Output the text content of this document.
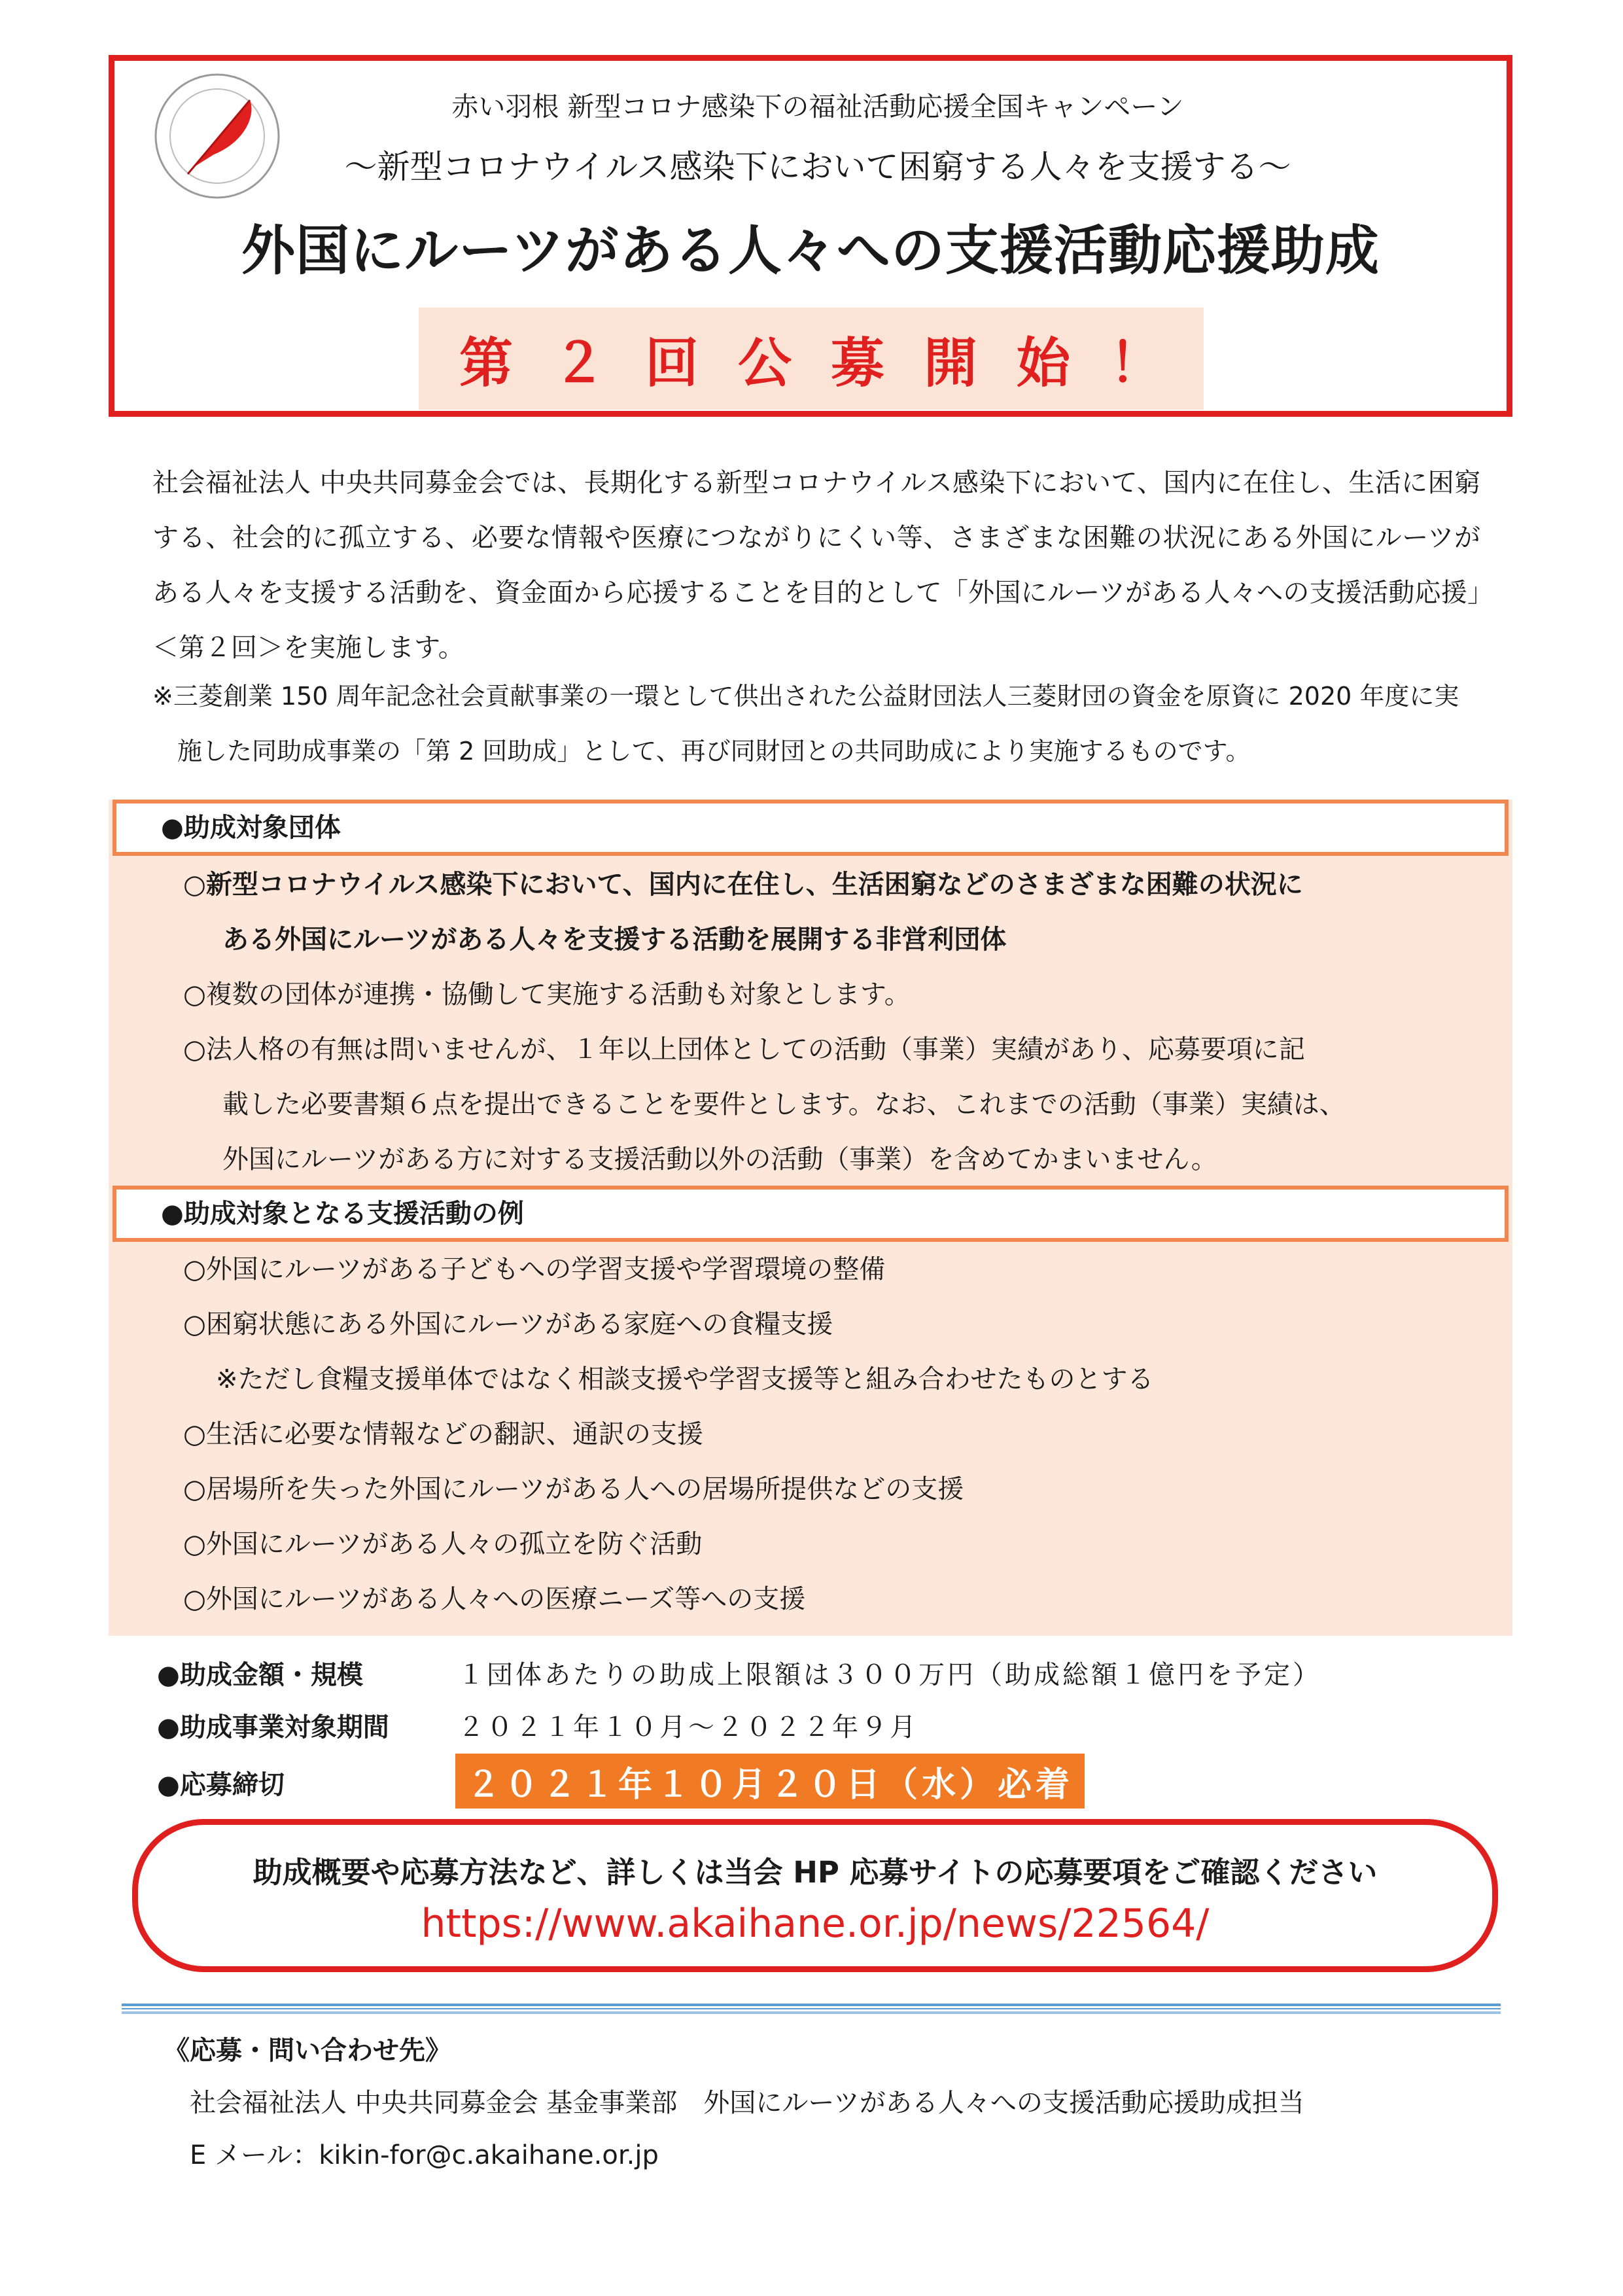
赤い羽根 新型コロナ感染下の福祉活動応援全国キャンペーン
～新型コロナウイルス感染下において困窮する人々を支援する～
外国にルーツがある人々への支援活動応援助成
第２回公募開始！
社会福祉法人 中央共同募金会では、長期化する新型コロナウイルス感染下において、国内に在住し、生活に困窮する、社会的に孤立する、必要な情報や医療につながりにくい等、さまざまな困難の状況にある外国にルーツがある人々を支援する活動を、資金面から応援することを目的として「外国にルーツがある人々への支援活動応援」＜第２回＞を実施します。
※三菱創業 150 周年記念社会貢献事業の一環として供出された公益財団法人三菱財団の資金を原資に 2020 年度に実施した同助成事業の「第 2 回助成」として、再び同財団との共同助成により実施するものです。
●助成対象団体
○新型コロナウイルス感染下において、国内に在住し、生活困窮などのさまざまな困難の状況に
ある外国にルーツがある人々を支援する活動を展開する非営利団体
○複数の団体が連携・協働して実施する活動も対象とします。
○法人格の有無は問いませんが、１年以上団体としての活動（事業）実績があり、応募要項に記
載した必要書類６点を提出できることを要件とします。なお、これまでの活動（事業）実績は、
外国にルーツがある方に対する支援活動以外の活動（事業）を含めてかまいません。
●助成対象となる支援活動の例
○外国にルーツがある子どもへの学習支援や学習環境の整備
○困窮状態にある外国にルーツがある家庭への食糧支援
※ただし食糧支援単体ではなく相談支援や学習支援等と組み合わせたものとする
○生活に必要な情報などの翻訳、通訳の支援
○居場所を失った外国にルーツがある人への居場所提供などの支援
○外国にルーツがある人々の孤立を防ぐ活動
○外国にルーツがある人々への医療ニーズ等への支援
●助成金額・規模	１団体あたりの助成上限額は３００万円（助成総額１億円を予定）
●助成事業対象期間	２０２１年１０月～２０２２年９月
●応募締切	２０２１年１０月２０日（水）必着
助成概要や応募方法など、詳しくは当会 HP 応募サイトの応募要項をご確認ください
https://www.akaihane.or.jp/news/22564/
《応募・問い合わせ先》
社会福祉法人 中央共同募金会 基金事業部　外国にルーツがある人々への支援活動応援助成担当
E メール：kikin-for@c.akaihane.or.jp
